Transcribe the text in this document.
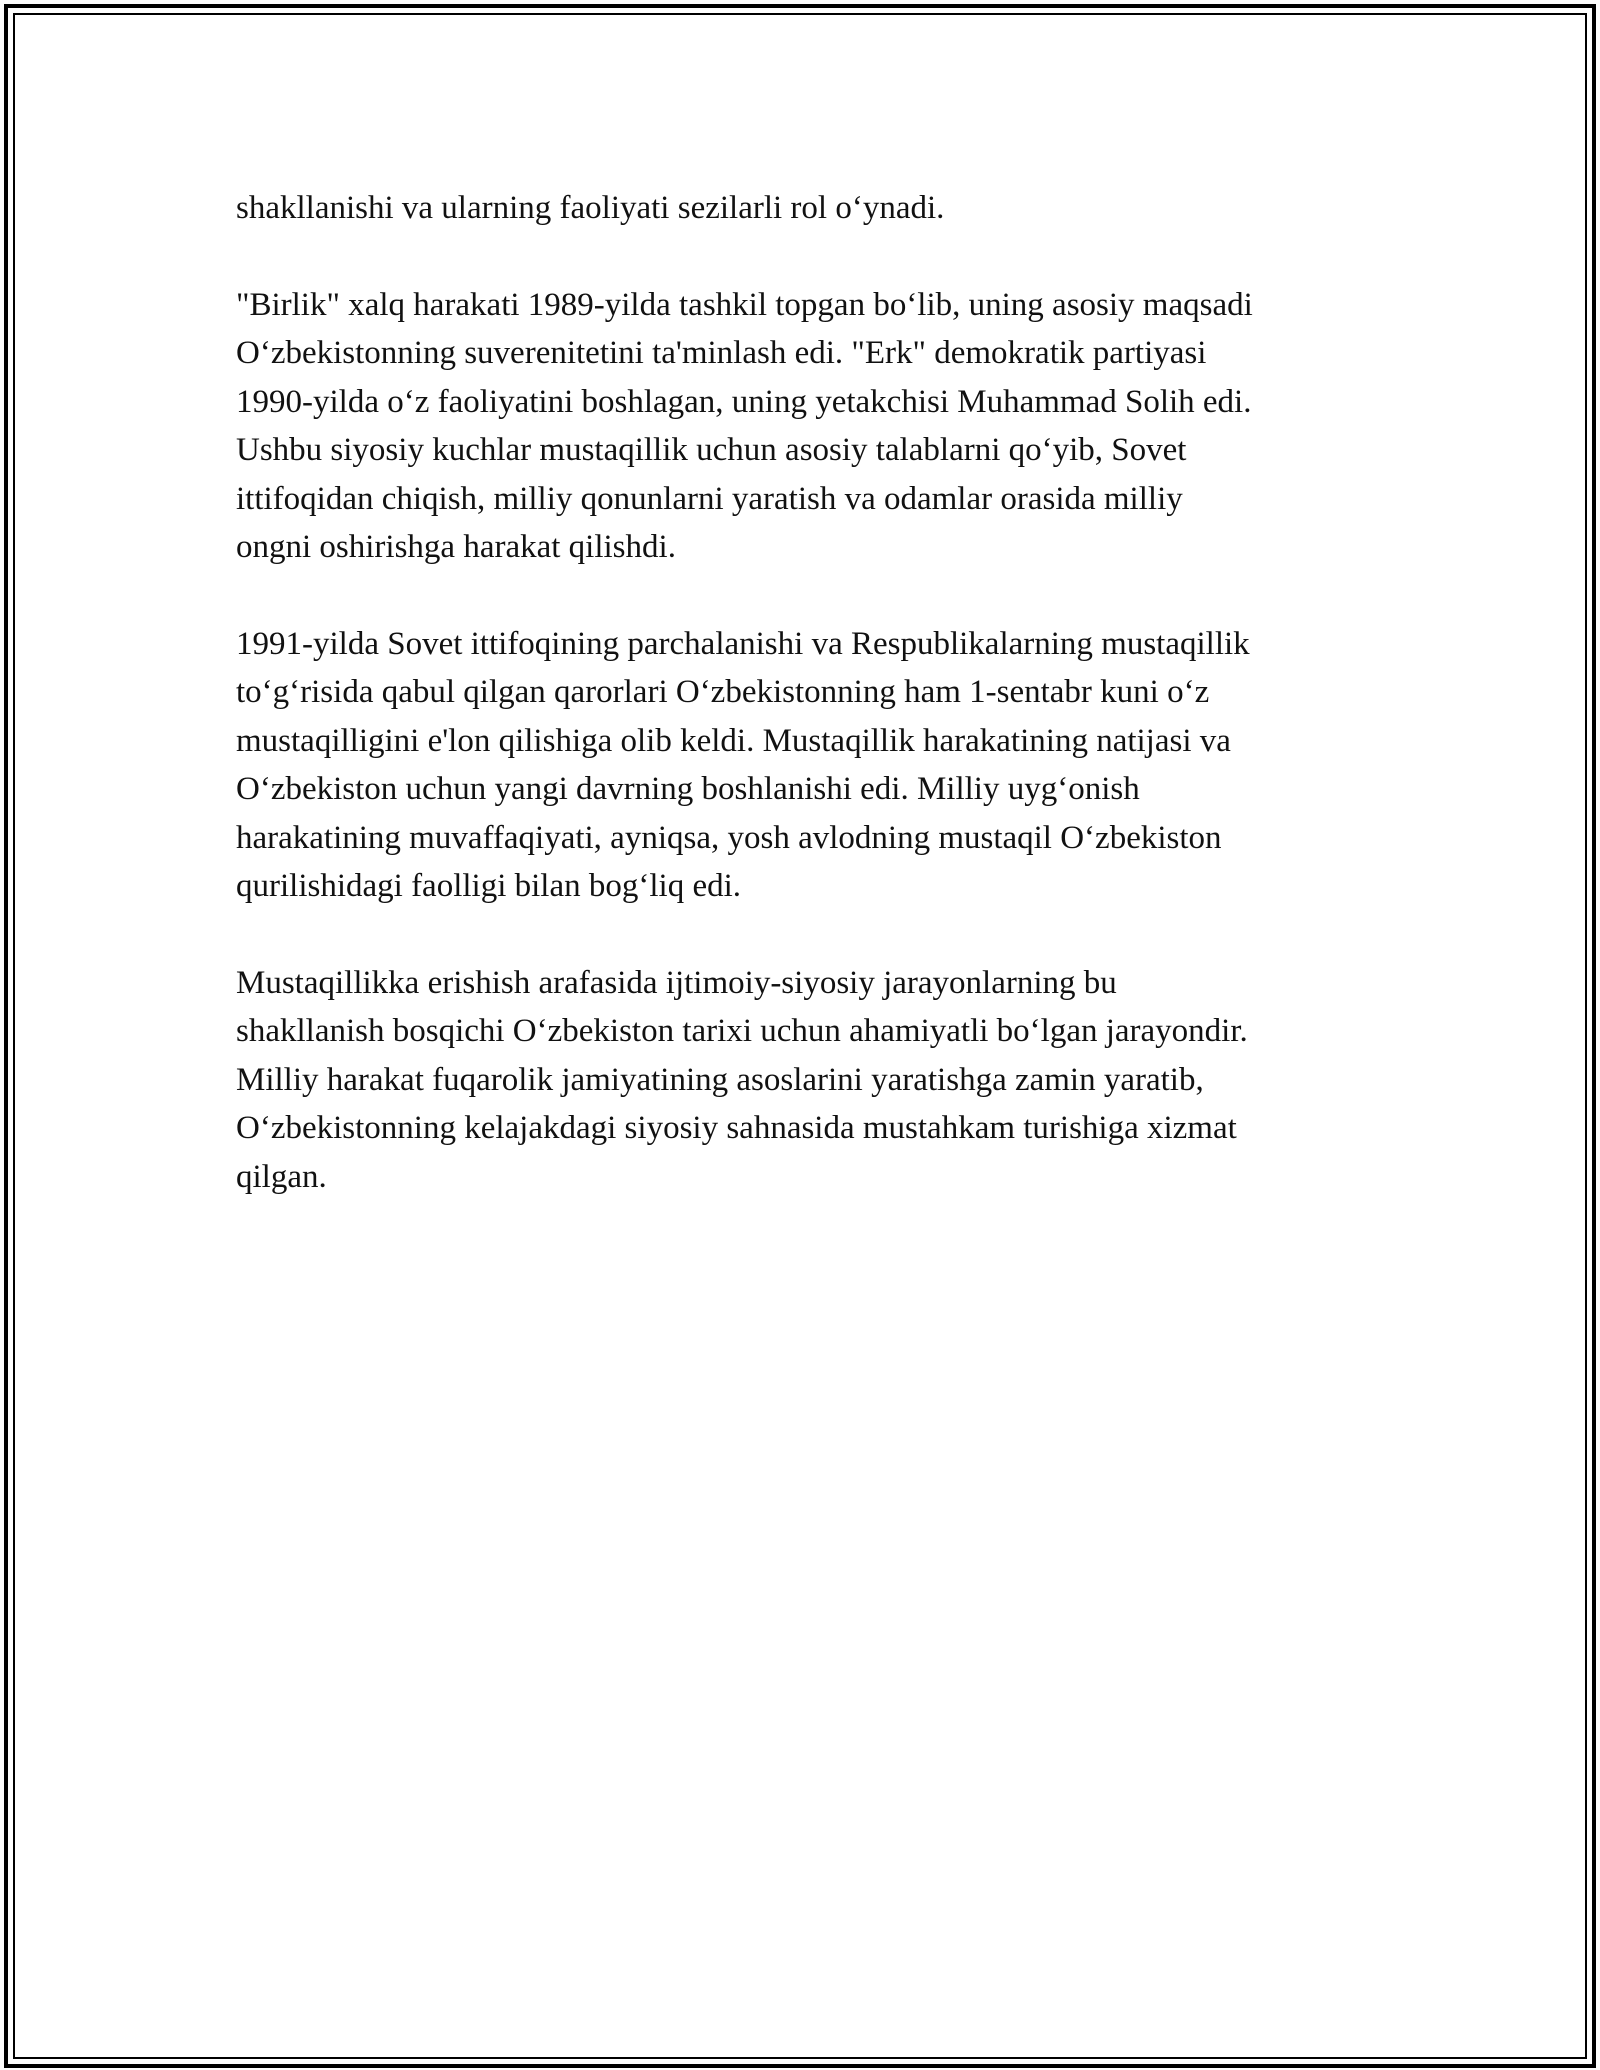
shakllanishi va ularning faoliyati sezilarli rol o‘ynadi.

"Birlik" xalq harakati 1989-yilda tashkil topgan bo‘lib, uning asosiy maqsadi
O‘zbekistonning suverenitetini ta'minlash edi. "Erk" demokratik partiyasi
1990-yilda o‘z faoliyatini boshlagan, uning yetakchisi Muhammad Solih edi.
Ushbu siyosiy kuchlar mustaqillik uchun asosiy talablarni qo‘yib, Sovet
ittifoqidan chiqish, milliy qonunlarni yaratish va odamlar orasida milliy
ongni oshirishga harakat qilishdi.

1991-yilda Sovet ittifoqining parchalanishi va Respublikalarning mustaqillik
to‘g‘risida qabul qilgan qarorlari O‘zbekistonning ham 1-sentabr kuni o‘z
mustaqilligini e'lon qilishiga olib keldi. Mustaqillik harakatining natijasi va
O‘zbekiston uchun yangi davrning boshlanishi edi. Milliy uyg‘onish
harakatining muvaffaqiyati, ayniqsa, yosh avlodning mustaqil O‘zbekiston
qurilishidagi faolligi bilan bog‘liq edi.

Mustaqillikka erishish arafasida ijtimoiy-siyosiy jarayonlarning bu
shakllanish bosqichi O‘zbekiston tarixi uchun ahamiyatli bo‘lgan jarayondir.
Milliy harakat fuqarolik jamiyatining asoslarini yaratishga zamin yaratib,
O‘zbekistonning kelajakdagi siyosiy sahnasida mustahkam turishiga xizmat
qilgan.
